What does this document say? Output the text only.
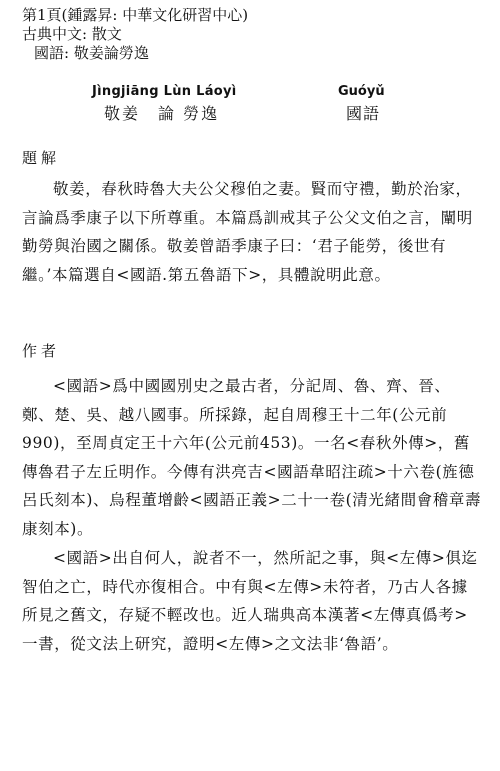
第1頁(鍾露昇: 中華文化研習中心)
古典中文: 散文
國語: 敬姜論勞逸
Jìngjiāng Lùn Láoyì	Guóyǔ
敬姜　論 勞逸	國語
題解

敬姜，春秋時魯大夫公父穆伯之妻。賢而守禮，勤於治家，言論爲季康子以下所尊重。本篇爲訓戒其子公父文伯之言，闡明勤勞與治國之關係。敬姜曾語季康子曰：‘君子能勞，後世有繼。’本篇選自<國語.第五魯語下>，具體說明此意。

作者

<國語>爲中國國別史之最古者，分記周、魯、齊、晉、鄭、楚、吳、越八國事。所採錄，起自周穆王十二年(公元前990)，至周貞定王十六年(公元前453)。一名<春秋外傳>，舊傳魯君子左丘明作。今傳有洪亮吉<國語韋昭注疏>十六卷(旌德呂氏刻本)、烏程董增齡<國語正義>二十一卷(清光緒間會稽章壽康刻本)。

<國語>出自何人，說者不一，然所記之事，與<左傳>俱迄智伯之亡，時代亦復相合。中有與<左傳>未符者，乃古人各據所見之舊文，存疑不輕改也。近人瑞典高本漢著<左傳真僞考>一書，從文法上研究，證明<左傳>之文法非‘魯語’。
